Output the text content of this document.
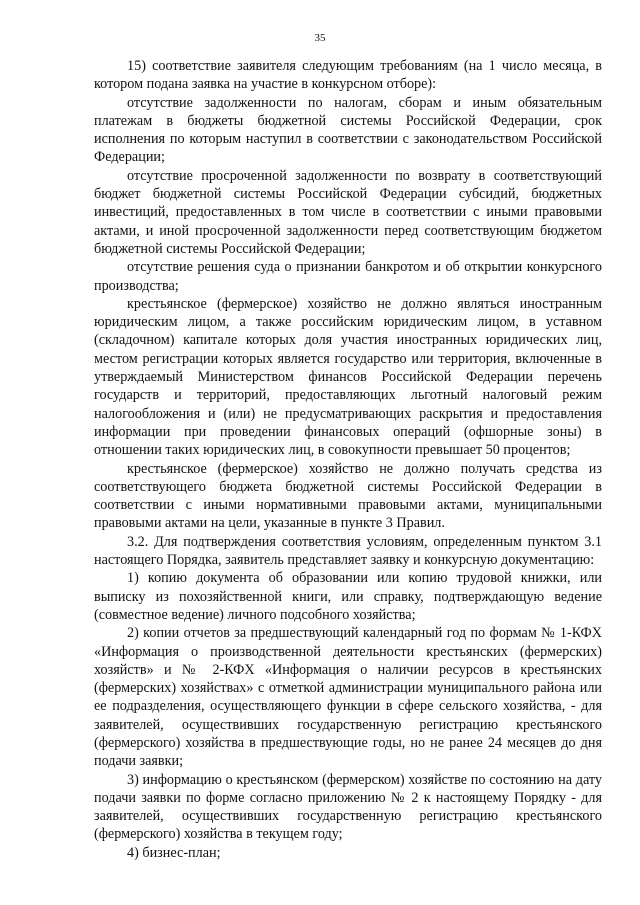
35

15) соответствие заявителя следующим требованиям (на 1 число месяца, в котором подана заявка на участие в конкурсном отборе):

отсутствие задолженности по налогам, сборам и иным обязательным платежам в бюджеты бюджетной системы Российской Федерации, срок исполнения по которым наступил в соответствии с законодательством Российской Федерации;

отсутствие просроченной задолженности по возврату в соответствующий бюджет бюджетной системы Российской Федерации субсидий, бюджетных инвестиций, предоставленных в том числе в соответствии с иными правовыми актами, и иной просроченной задолженности перед соответствующим бюджетом бюджетной системы Российской Федерации;

отсутствие решения суда о признании банкротом и об открытии конкурсного производства;

крестьянское (фермерское) хозяйство не должно являться иностранным юридическим лицом, а также российским юридическим лицом, в уставном (складочном) капитале которых доля участия иностранных юридических лиц, местом регистрации которых является государство или территория, включенные в утверждаемый Министерством финансов Российской Федерации перечень государств и территорий, предоставляющих льготный налоговый режим налогообложения и (или) не предусматривающих раскрытия и предоставления информации при проведении финансовых операций (офшорные зоны) в отношении таких юридических лиц, в совокупности превышает 50 процентов;

крестьянское (фермерское) хозяйство не должно получать средства из соответствующего бюджета бюджетной системы Российской Федерации в соответствии с иными нормативными правовыми актами, муниципальными правовыми актами на цели, указанные в пункте 3 Правил.

3.2. Для подтверждения соответствия условиям, определенным пунктом 3.1 настоящего Порядка, заявитель представляет заявку и конкурсную документацию:

1) копию документа об образовании или копию трудовой книжки, или выписку из похозяйственной книги, или справку, подтверждающую ведение (совместное ведение) личного подсобного хозяйства;

2) копии отчетов за предшествующий календарный год по формам № 1-КФХ «Информация о производственной деятельности крестьянских (фермерских) хозяйств» и № 2-КФХ «Информация о наличии ресурсов в крестьянских (фермерских) хозяйствах» с отметкой администрации муниципального района или ее подразделения, осуществляющего функции в сфере сельского хозяйства, - для заявителей, осуществивших государственную регистрацию крестьянского (фермерского) хозяйства в предшествующие годы, но не ранее 24 месяцев до дня подачи заявки;

3) информацию о крестьянском (фермерском) хозяйстве по состоянию на дату подачи заявки по форме согласно приложению № 2 к настоящему Порядку - для заявителей, осуществивших государственную регистрацию крестьянского (фермерского) хозяйства в текущем году;

4) бизнес-план;
